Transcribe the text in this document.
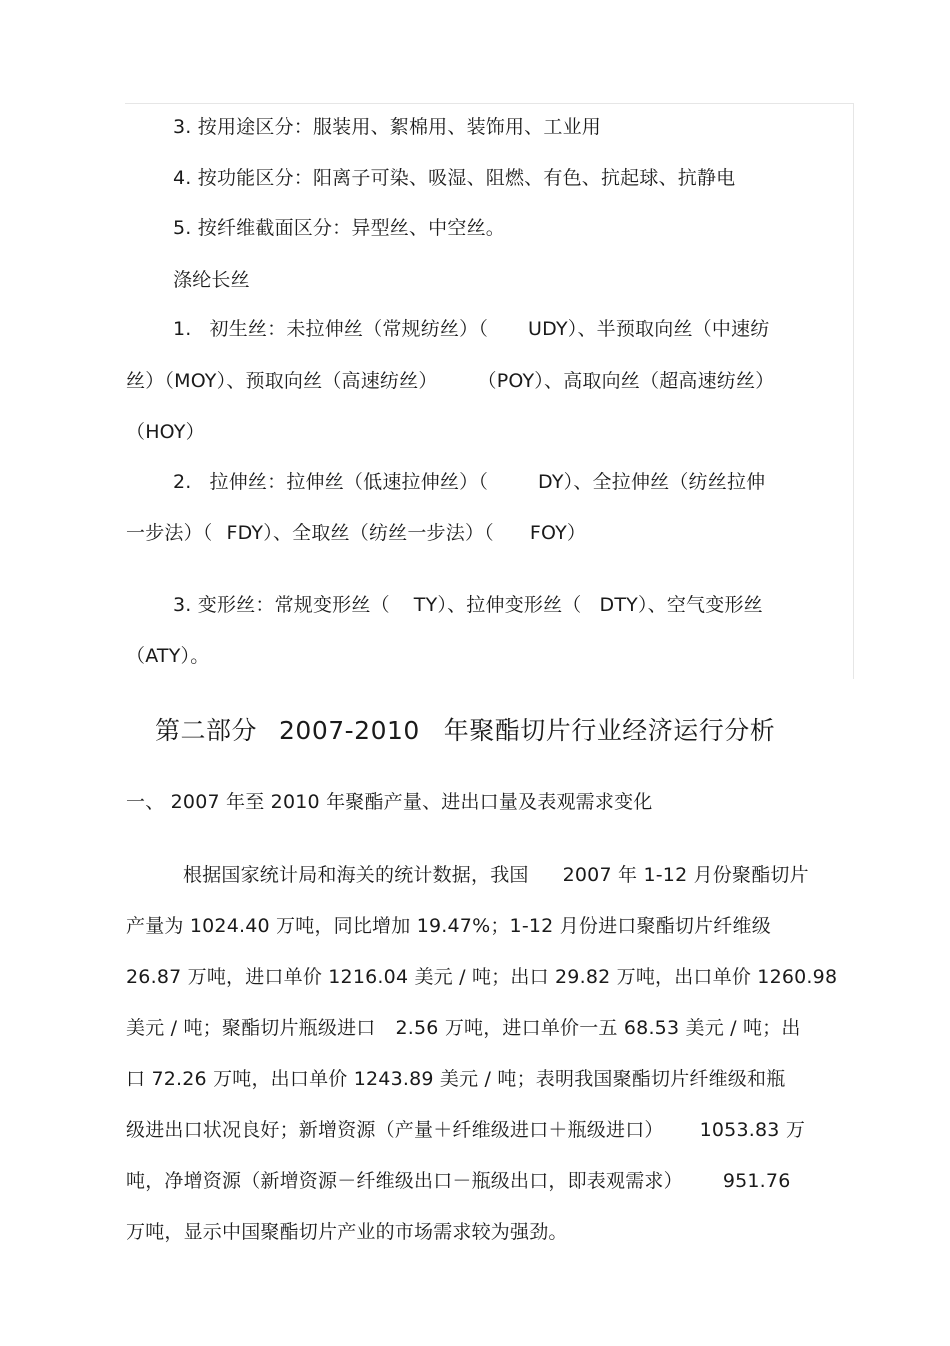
3. 按用途区分：服装用、絮棉用、装饰用、工业用
4. 按功能区分：阳离子可染、吸湿、阻燃、有色、抗起球、抗静电
5. 按纤维截面区分：异型丝、中空丝。
涤纶长丝
1. 初生丝：未拉伸丝（常规纺丝）（ UDY）、半预取向丝（中速纺
丝）（MOY）、预取向丝（高速纺丝） （POY）、高取向丝（超高速纺丝）
（HOY）
2. 拉伸丝：拉伸丝（低速拉伸丝）（	DY）、全拉伸丝（纺丝拉伸
一步法）（ FDY）、全取丝（纺丝一步法）（ FOY）
3. 变形丝：常规变形丝（ TY）、拉伸变形丝（ DTY）、空气变形丝
（ATY）。
第二部分 2007-2010 年聚酯切片行业经济运行分析
一、 2007 年至 2010 年聚酯产量、进出口量及表观需求变化
根据国家统计局和海关的统计数据，我国 2007 年 1-12 月份聚酯切片
产量为 1024.40 万吨，同比增加 19.47%；1-12 月份进口聚酯切片纤维级
26.87 万吨，进口单价 1216.04 美元 / 吨；出口 29.82 万吨，出口单价 1260.98
美元 / 吨；聚酯切片瓶级进口 2.56 万吨，进口单价一五 68.53 美元 / 吨；出
口 72.26 万吨，出口单价 1243.89 美元 / 吨；表明我国聚酯切片纤维级和瓶
级进出口状况良好；新增资源（产量＋纤维级进口＋瓶级进口） 1053.83 万
吨，净增资源（新增资源－纤维级出口－瓶级出口，即表观需求） 951.76
万吨，显示中国聚酯切片产业的市场需求较为强劲。
